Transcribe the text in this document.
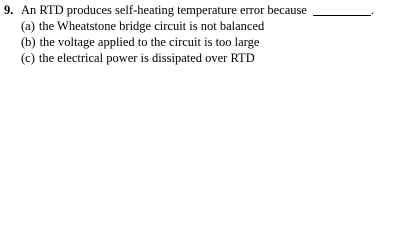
9. An RTD produces self-heating temperature error because	.
(a) the Wheatstone bridge circuit is not balanced
(b) the voltage applied to the circuit is too large
(c) the electrical power is dissipated over RTD
